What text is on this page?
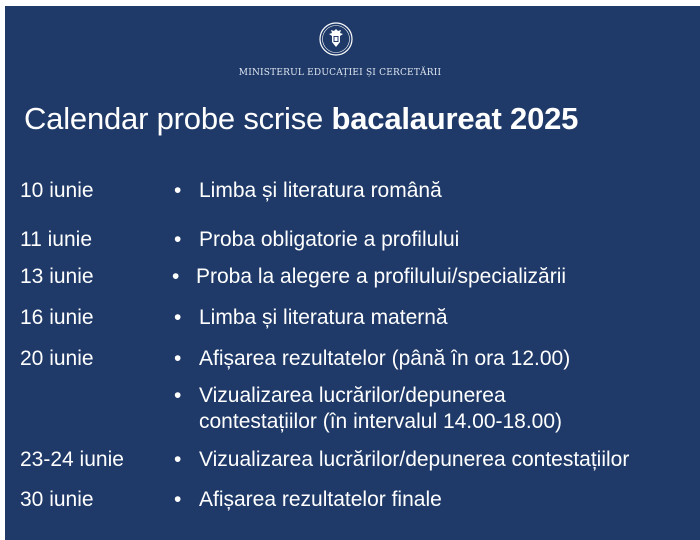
MINISTERUL EDUCAȚIEI ȘI CERCETĂRII
Calendar probe scrise bacalaureat 2025
10 iunie	• Limba și literatura română
11 iunie	• Proba obligatorie a profilului
13 iunie	• Proba la alegere a profilului/specializării
16 iunie	• Limba și literatura maternă
20 iunie	• Afișarea rezultatelor (până în ora 12.00)
• Vizualizarea lucrărilor/depunerea
contestațiilor (în intervalul 14.00-18.00)
23-24 iunie • Vizualizarea lucrărilor/depunerea contestațiilor
30 iunie	• Afișarea rezultatelor finale
